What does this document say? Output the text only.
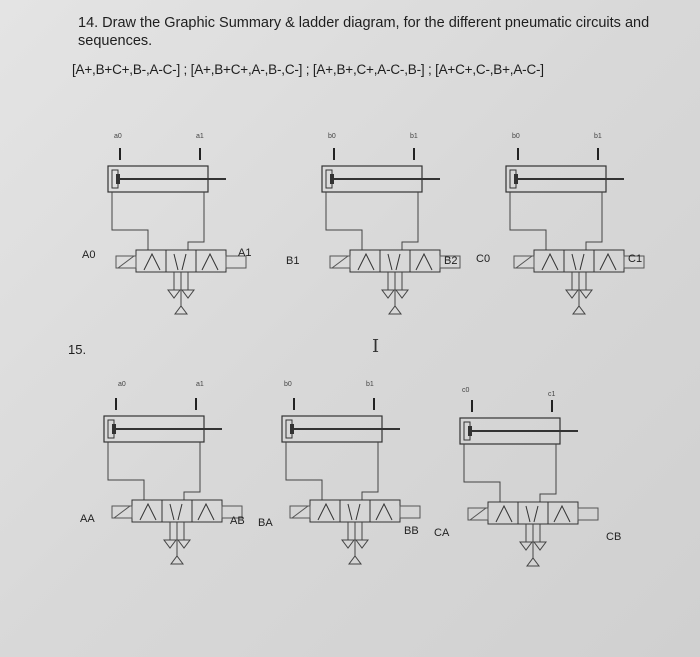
14. Draw the Graphic Summary & ladder diagram, for the different pneumatic circuits and sequences.
[A+,B+C+,B-,A-C-] ; [A+,B+C+,A-,B-,C-] ; [A+,B+,C+,A-C-,B-] ; [A+C+,C-,B+,A-C-]
15.	I
a0	a1
A0	A1
b0	b1
B1	B2
b0	b1
C0	C1
a0	a1
AA	AB
b0	b1
BA
BB
c0
c1
CA	CB
